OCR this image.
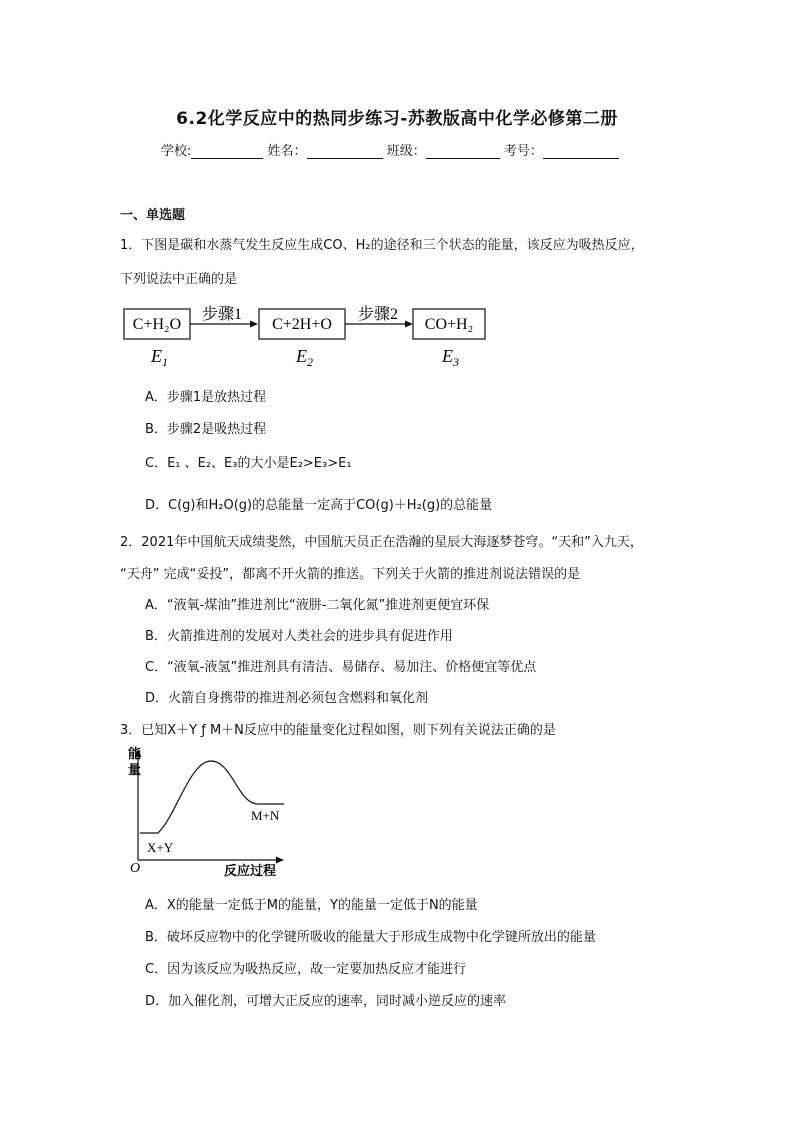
6.2化学反应中的热同步练习-苏教版高中化学必修第二册
学校:	姓名：	班级：	考号：
一、单选题
1．下图是碳和水蒸气发生反应生成CO、H₂的途径和三个状态的能量，该反应为吸热反应，
下列说法中正确的是
C+H₂O
步骤1
C+2H+O
步骤2
CO+H₂
$E_1$	$E_2$	$E_3$
A．步骤1是放热过程
B．步骤2是吸热过程
C．E₁ 、E₂、E₃的大小是E₂>E₃>E₁
D．C(g)和H₂O(g)的总能量一定高于CO(g)＋H₂(g)的总能量
2．2021年中国航天成绩斐然，中国航天员正在浩瀚的星辰大海逐梦苍穹。“天和”入九天，
“天舟” 完成“妥投”，都离不开火箭的推送。下列关于火箭的推进剂说法错误的是
A．“液氧-煤油”推进剂比“液肼-二氧化氮”推进剂更便宜环保
B．火箭推进剂的发展对人类社会的进步具有促进作用
C．“液氧-液氢”推进剂具有清洁、易储存、易加注、价格便宜等优点
D．火箭自身携带的推进剂必须包含燃料和氧化剂
3．已知X＋Y ƒ M＋N反应中的能量变化过程如图，则下列有关说法正确的是
能
量
O
X+Y
M+N
反应过程
A．X的能量一定低于M的能量，Y的能量一定低于N的能量
B．破坏反应物中的化学键所吸收的能量大于形成生成物中化学键所放出的能量
C．因为该反应为吸热反应，故一定要加热反应才能进行
D．加入催化剂，可增大正反应的速率，同时减小逆反应的速率
